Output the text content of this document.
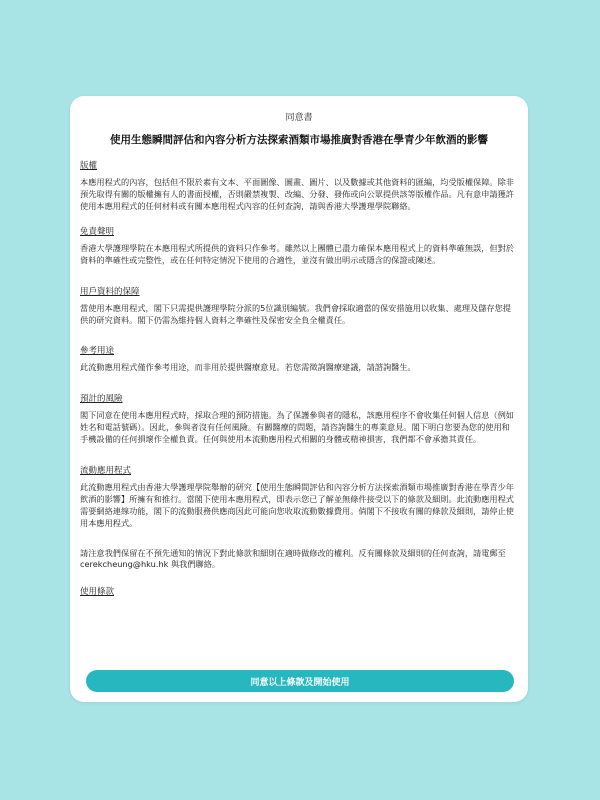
同意書
使用生態瞬間評估和內容分析方法探索酒類市場推廣對香港在學青少年飲酒的影響
版權

本應用程式的內容，包括但不限於素有文本、平面圖像、圖畫、圖片、以及數據或其他資料的匯編，均受版權保障。除非預先取得有關的版權擁有人的書面授權，否則嚴禁複製、改編、分發、發佈或向公眾提供該等版權作品。凡有意申請獲許使用本應用程式的任何材料或有關本應用程式內容的任何查詢，請與香港大學護理學院聯絡。

免責聲明

香港大學護理學院在本應用程式所提供的資料只作參考。雖然以上團體已盡力確保本應用程式上的資料準確無誤，但對於資料的準確性或完整性，或在任何特定情況下使用的合適性，並沒有做出明示或隱含的保證或陳述。

用戶資料的保障

當使用本應用程式，閣下只需提供護理學院分派的5位識別編號。我們會採取適當的保安措施用以收集、處理及儲存您提供的研究資料。閣下仍需為維持個人資料之準確性及保密安全負全權責任。

參考用途

此流動應用程式僅作參考用途，而非用於提供醫療意見。若您需徵詢醫療建議，請諮詢醫生。

預計的風險

閣下同意在使用本應用程式時，採取合理的預防措施。為了保護參與者的隱私，該應用程序不會收集任何個人信息（例如姓名和電話號碼）。因此，參與者沒有任何風險。有關醫療的問題，請咨詢醫生的專業意見。閣下明白您要為您的使用和手機設備的任何損壞作全權負責。任何與使用本流動應用程式相關的身體或精神損害，我們都不會承擔其責任。

流動應用程式

此流動應用程式由香港大學護理學院舉辦的研究【使用生態瞬間評估和內容分析方法探索酒類市場推廣對香港在學青少年飲酒的影響】所擁有和推行。當閣下使用本應用程式，即表示您已了解並無條件接受以下的條款及細則。此流動應用程式需要網絡連線功能，閣下的流動服務供應商因此可能向您收取流動數據費用。倘閣下不接收有關的條款及細則，請停止使用本應用程式。

請注意我們保留在不預先通知的情況下對此條款和細則在適時做修改的權利。反有關條款及細則的任何查詢，請電郵至cerekcheung@hku.hk 與我們聯絡。

使用條款
同意以上條款及開始使用
